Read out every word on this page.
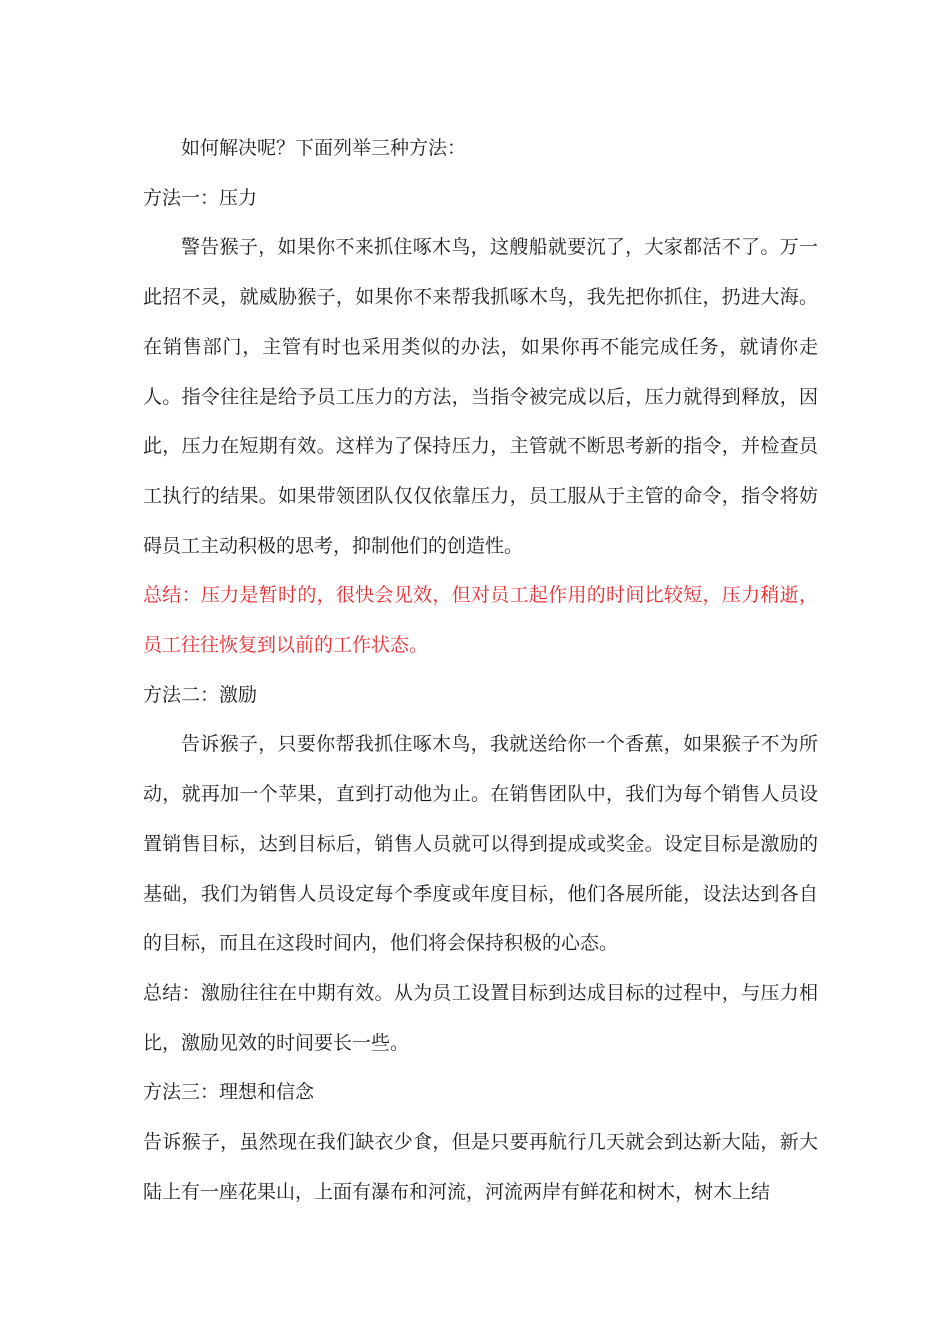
如何解决呢？下面列举三种方法：

方法一：压力

警告猴子，如果你不来抓住啄木鸟，这艘船就要沉了，大家都活不了。万一此招不灵，就威胁猴子，如果你不来帮我抓啄木鸟，我先把你抓住，扔进大海。在销售部门，主管有时也采用类似的办法，如果你再不能完成任务，就请你走人。指令往往是给予员工压力的方法，当指令被完成以后，压力就得到释放，因此，压力在短期有效。这样为了保持压力，主管就不断思考新的指令，并检查员工执行的结果。如果带领团队仅仅依靠压力，员工服从于主管的命令，指令将妨碍员工主动积极的思考，抑制他们的创造性。

总结：压力是暂时的，很快会见效，但对员工起作用的时间比较短，压力稍逝，员工往往恢复到以前的工作状态。

方法二：激励

告诉猴子，只要你帮我抓住啄木鸟，我就送给你一个香蕉，如果猴子不为所动，就再加一个苹果，直到打动他为止。在销售团队中，我们为每个销售人员设置销售目标，达到目标后，销售人员就可以得到提成或奖金。设定目标是激励的基础，我们为销售人员设定每个季度或年度目标，他们各展所能，设法达到各自的目标，而且在这段时间内，他们将会保持积极的心态。

总结：激励往往在中期有效。从为员工设置目标到达成目标的过程中，与压力相比，激励见效的时间要长一些。

方法三：理想和信念

告诉猴子，虽然现在我们缺衣少食，但是只要再航行几天就会到达新大陆，新大陆上有一座花果山，上面有瀑布和河流，河流两岸有鲜花和树木，树木上结
